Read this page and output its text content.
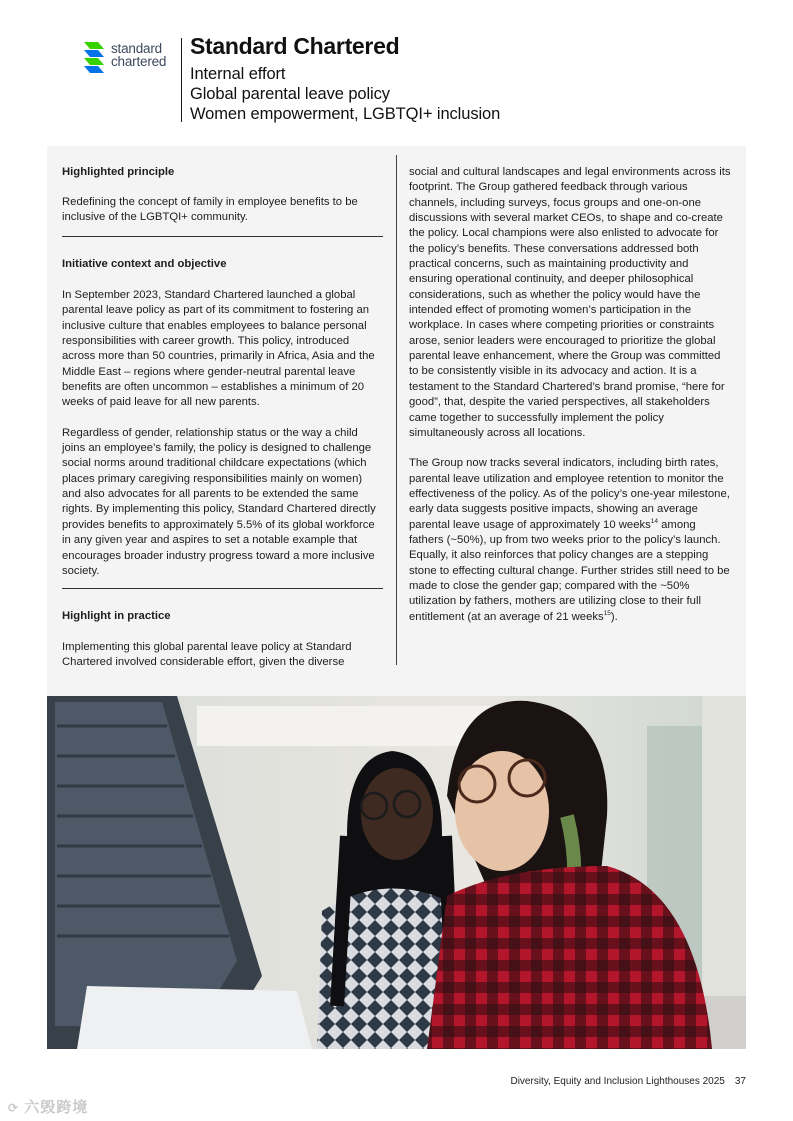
standard
chartered
Standard Chartered
Internal effort
Global parental leave policy
Women empowerment, LGBTQI+ inclusion

Highlighted principle

Redefining the concept of family in employee benefits to be inclusive of the LGBTQI+ community.

Initiative context and objective

In September 2023, Standard Chartered launched a global parental leave policy as part of its commitment to fostering an inclusive culture that enables employees to balance personal responsibilities with career growth. This policy, introduced across more than 50 countries, primarily in Africa, Asia and the Middle East – regions where gender-neutral parental leave benefits are often uncommon – establishes a minimum of 20 weeks of paid leave for all new parents.

Regardless of gender, relationship status or the way a child joins an employee’s family, the policy is designed to challenge social norms around traditional childcare expectations (which places primary caregiving responsibilities mainly on women) and also advocates for all parents to be extended the same rights. By implementing this policy, Standard Chartered directly provides benefits to approximately 5.5% of its global workforce in any given year and aspires to set a notable example that encourages broader industry progress toward a more inclusive society.

Highlight in practice

Implementing this global parental leave policy at Standard Chartered involved considerable effort, given the diverse

social and cultural landscapes and legal environments across its footprint. The Group gathered feedback through various channels, including surveys, focus groups and one-on-one discussions with several market CEOs, to shape and co-create the policy. Local champions were also enlisted to advocate for the policy’s benefits. These conversations addressed both practical concerns, such as maintaining productivity and ensuring operational continuity, and deeper philosophical considerations, such as whether the policy would have the intended effect of promoting women’s participation in the workplace. In cases where competing priorities or constraints arose, senior leaders were encouraged to prioritize the global parental leave enhancement, where the Group was committed to be consistently visible in its advocacy and action. It is a testament to the Standard Chartered’s brand promise, “here for good”, that, despite the varied perspectives, all stakeholders came together to successfully implement the policy simultaneously across all locations.

The Group now tracks several indicators, including birth rates, parental leave utilization and employee retention to monitor the effectiveness of the policy. As of the policy’s one-year milestone, early data suggests positive impacts, showing an average parental leave usage of approximately 10 weeks$^{14}$ among fathers (~50%), up from two weeks prior to the policy’s launch. Equally, it also reinforces that policy changes are a stepping stone to effecting cultural change. Further strides still need to be made to close the gender gap; compared with the ~50% utilization by fathers, mothers are utilizing close to their full entitlement (at an average of 21 weeks$^{15}$).

Diversity, Equity and Inclusion Lighthouses 2025 37
⟳ 六毁跨境
